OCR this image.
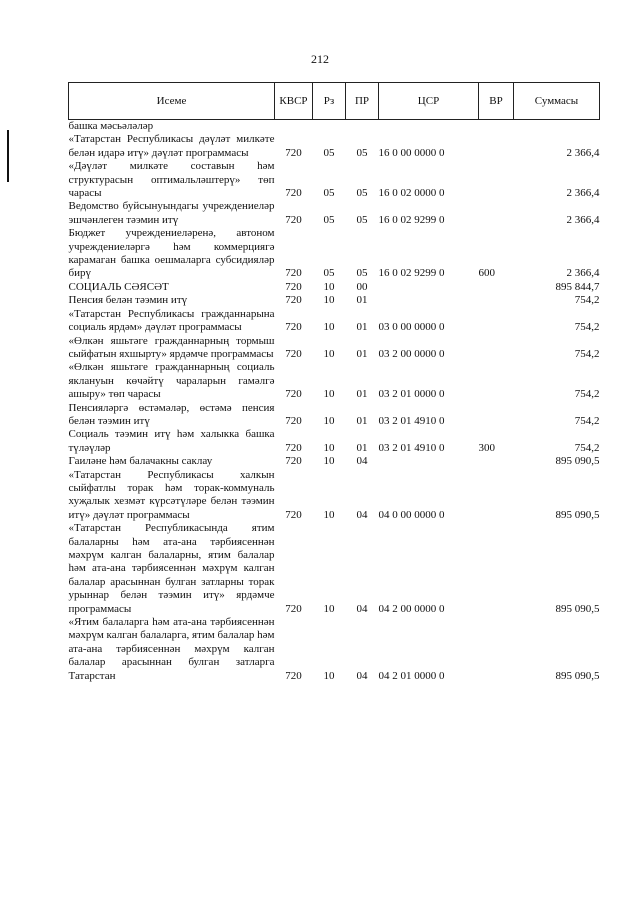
212
Исеме	КВСР	Рз	ПР	ЦСР	ВР	Суммасы
башка мәсьәләләр						
«Татарстан Республикасы дәүләт милкәте белән идарә итү» дәүләт программасы	720	05	05	16 0 00 0000 0		2 366,4
«Дәүләт милкәте составын һәм структурасын оптимальләштерү» төп чарасы	720	05	05	16 0 02 0000 0		2 366,4
Ведомство буйсынуындагы учреждениеләр эшчәнлеген тәэмин итү	720	05	05	16 0 02 9299 0		2 366,4
Бюджет учреждениеләренә, автоном учреждениеләргә һәм коммерциягә карамаган башка оешмаларга субсидияләр бирү	720	05	05	16 0 02 9299 0	600	2 366,4
СОЦИАЛЬ СӘЯСӘТ	720	10	00			895 844,7
Пенсия белән тәэмин итү	720	10	01			754,2
«Татарстан Республикасы гражданнарына социаль ярдәм» дәүләт программасы	720	10	01	03 0 00 0000 0		754,2
«Өлкән яшьтәге гражданнарның тормыш сыйфатын яхшырту» ярдәмче программасы	720	10	01	03 2 00 0000 0		754,2
«Өлкән яшьтәге гражданнарның социаль яклануын көчәйтү чараларын гамәлгә ашыру» төп чарасы	720	10	01	03 2 01 0000 0		754,2
Пенсияләргә өстәмәләр, өстәмә пенсия белән тәэмин итү	720	10	01	03 2 01 4910 0		754,2
Социаль тәэмин итү һәм халыкка башка түләүләр	720	10	01	03 2 01 4910 0	300	754,2
Гаиләне һәм балачакны саклау	720	10	04			895 090,5
«Татарстан Республикасы халкын сыйфатлы торак һәм торак-коммуналь хуҗалык хезмәт күрсәтүләре белән тәэмин итү» дәүләт программасы	720	10	04	04 0 00 0000 0		895 090,5
«Татарстан Республикасында ятим балаларны һәм ата-ана тәрбиясеннән мәхрүм калган балаларны, ятим балалар һәм ата-ана тәрбиясеннән мәхрүм калган балалар арасыннан булган затларны торак урыннар белән тәэмин итү» ярдәмче программасы	720	10	04	04 2 00 0000 0		895 090,5
«Ятим балаларга һәм ата-ана тәрбиясеннән мәхрүм калган балаларга, ятим балалар һәм ата-ана тәрбиясеннән мәхрүм калган балалар арасыннан булган затларга Татарстан	720	10	04	04 2 01 0000 0		895 090,5
